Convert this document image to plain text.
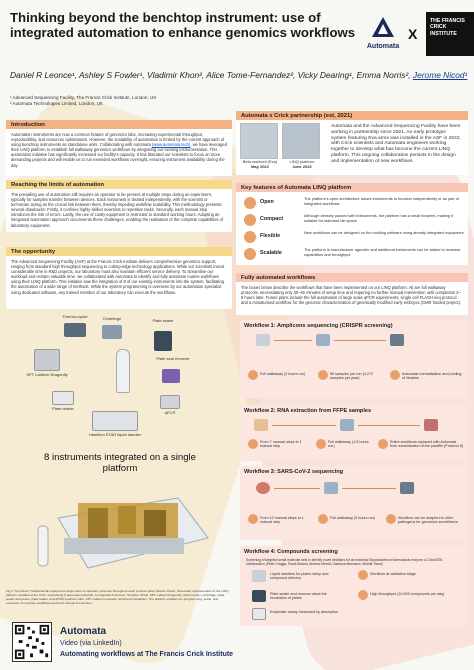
Thinking beyond the benchtop instrument: use of integrated automation to enhance genomics workflows
Daniel R Leonce¹, Ashley S Fowler¹, Vladimir Khon², Alice Tome-Fernandez², Vicky Dearing¹, Emma Norris², Jerome Nicod¹
¹ Advanced Sequencing Facility, The Francis Crick Institute, London, UK
² Automata Technologies Limited, London, UK
Automata
X
THE FRANCIS CRICK INSTITUTE
Introduction
Automation instruments are now a common feature of genomics labs, increasing experimental throughput, reproducibility, and resources optimisation. However, the scalability of automation is limited by the current approach of using benchtop instruments as standalone units. Collaborating with Automata (www.automata.tech), we have leveraged their LINQ platform to establish full walkaway genomics workflows by integrating our existing instrumentation. This automation initiative has significantly increased our facility's capacity. It has liberated our scientists to focus on more demanding projects and will enable us to run extended workflows overnight, ensuring instrument availability during the day.
Reaching the limits of automation
The prevailing use of automation still requires an operator to be present at multiple steps during an experiment, typically for samples transfer between devices. Each instrument is treated independently, with the scientist or technician acting as the crucial link between them, thereby impeding workflow scalability. This methodology presents several drawbacks: Firstly, it confines highly skilled scientists to repetitive tasks. Secondly, each manual step introduces the risk of errors. Lastly, the use of costly equipment is restricted to standard working hours. Adopting an integrated automation approach circumvents these challenges, enabling the realisation of the complete capabilities of laboratory equipment.
The opportunity
The Advanced Sequencing Facility (ASF) at the Francis Crick Institute delivers comprehensive genomics support, ranging from standard high throughput sequencing to cutting-edge technology applications. While our scientists invest considerable time in R&D projects, our laboratory must also maintain efficient service delivery. To streamline our workload and reclaim valuable time, we collaborated with Automata to identify and fully automate routine workflows using their LINQ platform. This initiative saw the integration of 8 of our existing instruments into the system, facilitating the automation of a wide range of methods. While the system programming is overseen by our automation specialist using dedicated software, any trained member of our laboratory can execute the workflows.
Thermo-cycler	Centrifuge	Plate sealer
SPT Labtech Dragonfly
Plate seal remover
qPCR
Plate reader
Hamilton STAR liquid handler
8 instruments integrated on a single platform
Fig 1: Top Panel: Traditional lab equipment range relies on operator presence throughout each process (aka). Bottom Panel: Schematic representation of the LINQ platform installed at the Crick. Comprising 8 automata workcells, 4 integrated 8 devices: Hamilton STAR, SPT Labtech Dragonfly, thermocycler, centrifuge, plate sealer and peeler, plate reader, and qPCR machine roller. SPT Labtech mosquito peripheral installation. The platform enables the programming, setup, and execution of complete workflows devoid of manual intervention.
Automata x Crick partnership (est, 2021)
Beta workcell (Eva)
May 2022
LINQ platform
June 2023
Automata and the Advanced Sequencing Facility have been working in partnership since 2021. An early prototype system featuring Eva arms was installed in the ASF in 2022, with Crick scientists and Automata engineers working together to develop what has become the current LINQ platform. This ongoing collaboration persists in the design and implementation of new workflows.
Key features of Automata LINQ platform
Open
The platform's open architecture allows instruments to function independently or as part of integrated workflows
Compact
Although densely packed with instruments, the platform has a small footprint, making it suitable for standard lab space
Flexible
New workflows can be designed on the building software using already integrated equipment
Scalable
The platform is manufacturer agnostic and additional instruments can be added to increase capabilities and throughput
Fully automated workflows
The boxes below describe the workflows that have been implemented on our LINQ platform. All are full walkaway protocols, necessitating only 30–45 minutes of setup time and requiring no further manual intervention until completion 2–9 hours later. Future plans include the full automation of large scale qPCR experiments, single cell FLASH-seq protocol and a miniaturised workflow for the genomic characterization of genetically modified early embryos (GMR funded project).
Workflow 1: Amplicons sequencing (CRISPR screening)
Full walkaway (2 hours run)	96 samples per run (4,272 samples per year)
Automatic normalisation and pooling of libraries
Workflow 2: RNA extraction from FFPE samples
From 7 manual steps to 1 manual step
Full walkaway (1.5 hours run)
Entire workflows replaced with Automata from solubilisation of the paraffin (Protocol 5)
Workflow 3: SARS-CoV-2 sequencing
From 13 manual steps to 1 manual step
Full walkaway (9 hours run)	Workflow can be adapted to other pathogens for genomics surveillance
Workflow 4: Compounds screening
Screening of targeted small molecule sets to identify novel inhibitors for an essential Mycobacterium tuberculosis enzyme: A Crick/GSK collaboration (Peter Craggs, Paula Boland, Andrew Merritt, Gianluca Mannacio, Mirella Tiwari)
Liquid handlers for plates setup and compound delivery
Workflow at validation stage
Plate sealer and remover allow the incubation of plates
High throughput (10,000 compounds per day)
Enzymatic assay measured by absorption
Automata
Video (via LinkedIn)
Automating workflows at The Francis Crick Institute
